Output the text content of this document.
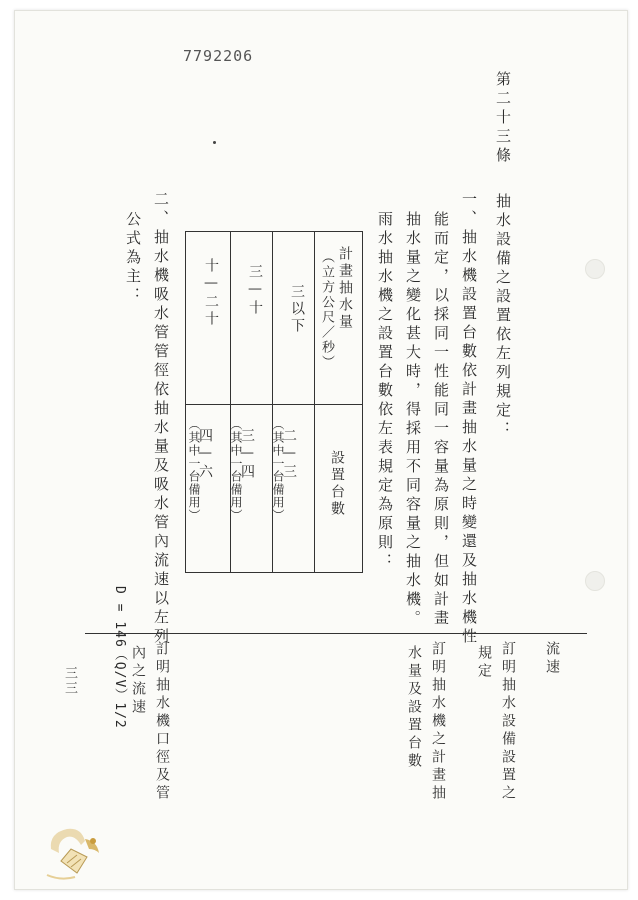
7792206
第二十三條
抽水設備之設置依左列規定：
一、抽水機設置台數依計畫抽水量之時變還及抽水機性
能而定，以採同一性能同一容量為原則，但如計畫
抽水量之變化甚大時，得採用不同容量之抽水機。
雨水抽水機之設置台數依左表規定為原則：
計畫抽水量
（立方公尺／秒）
設置台數
三以下
二—三
（其中一台備用）
三—十
三—四
（其中一台備用）
十—二十
四—六
（其中一台備用）
二、抽水機吸水管管徑依抽水量及吸水管內流速以左列
公式為主：
D = 146（Q/V）1/2	流速
訂明抽水設備設置之
規定
訂明抽水機之計畫抽
水量及設置台數
訂明抽水機口徑及管
內之流速
三三
